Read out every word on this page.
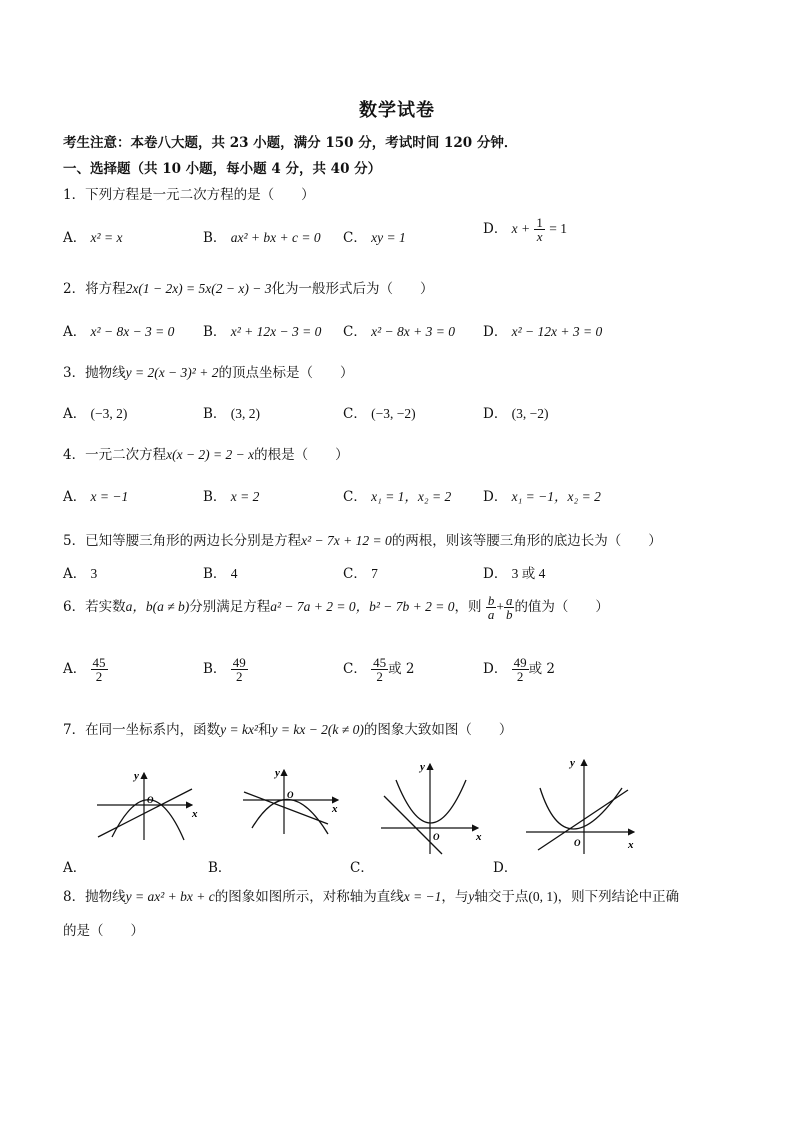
数学试卷
考生注意：本卷八大题，共 23 小题，满分 150 分，考试时间 120 分钟．
一、选择题（共 10 小题，每小题 4 分，共 40 分）
1．下列方程是一元二次方程的是（　　）
A． x² = x	B． ax² + bx + c = 0 C． xy = 1
D． $x + \frac{1}{x} = 1$
2．将方程2x(1 − 2x) = 5x(2 − x) − 3化为一般形式后为（　　）
A． x² − 8x − 3 = 0 B． x² + 12x − 3 = 0 C． x² − 8x + 3 = 0 D． x² − 12x + 3 = 0
3．抛物线y = 2(x − 3)² + 2的顶点坐标是（　　）
A． (−3, 2)	B． (3, 2)	C． (−3, −2)	D． (3, −2)
4．一元二次方程x(x − 2) = 2 − x的根是（　　）
A． x = −1	B． x = 2	C． x₁ = 1，x₂ = 2 D． x₁ = −1，x₂ = 2
5．已知等腰三角形的两边长分别是方程x² − 7x + 12 = 0的两根，则该等腰三角形的底边长为（　　）
A． 3	B． 4	C． 7	D． 3 或 4
6．若实数a，b(a ≠ b)分别满足方程a² − 7a + 2 = 0，b² − 7b + 2 = 0，则 $\frac{b}{a} + \frac{a}{b}$ 的值为（　　）
A． $\frac{45}{2}$	B． $\frac{49}{2}$	C． $\frac{45}{2}$ 或 2	D． $\frac{49}{2}$ 或 2
7．在同一坐标系内，函数y = kx²和y = kx − 2(k ≠ 0)的图象大致如图（　　）
y
x
O
A．
y
x
O
B．
y
x
O
C．
y
x
O
D．
8．抛物线y = ax² + bx + c的图象如图所示，对称轴为直线x = −1，与y轴交于点(0, 1)，则下列结论中正确
的是（　　）
